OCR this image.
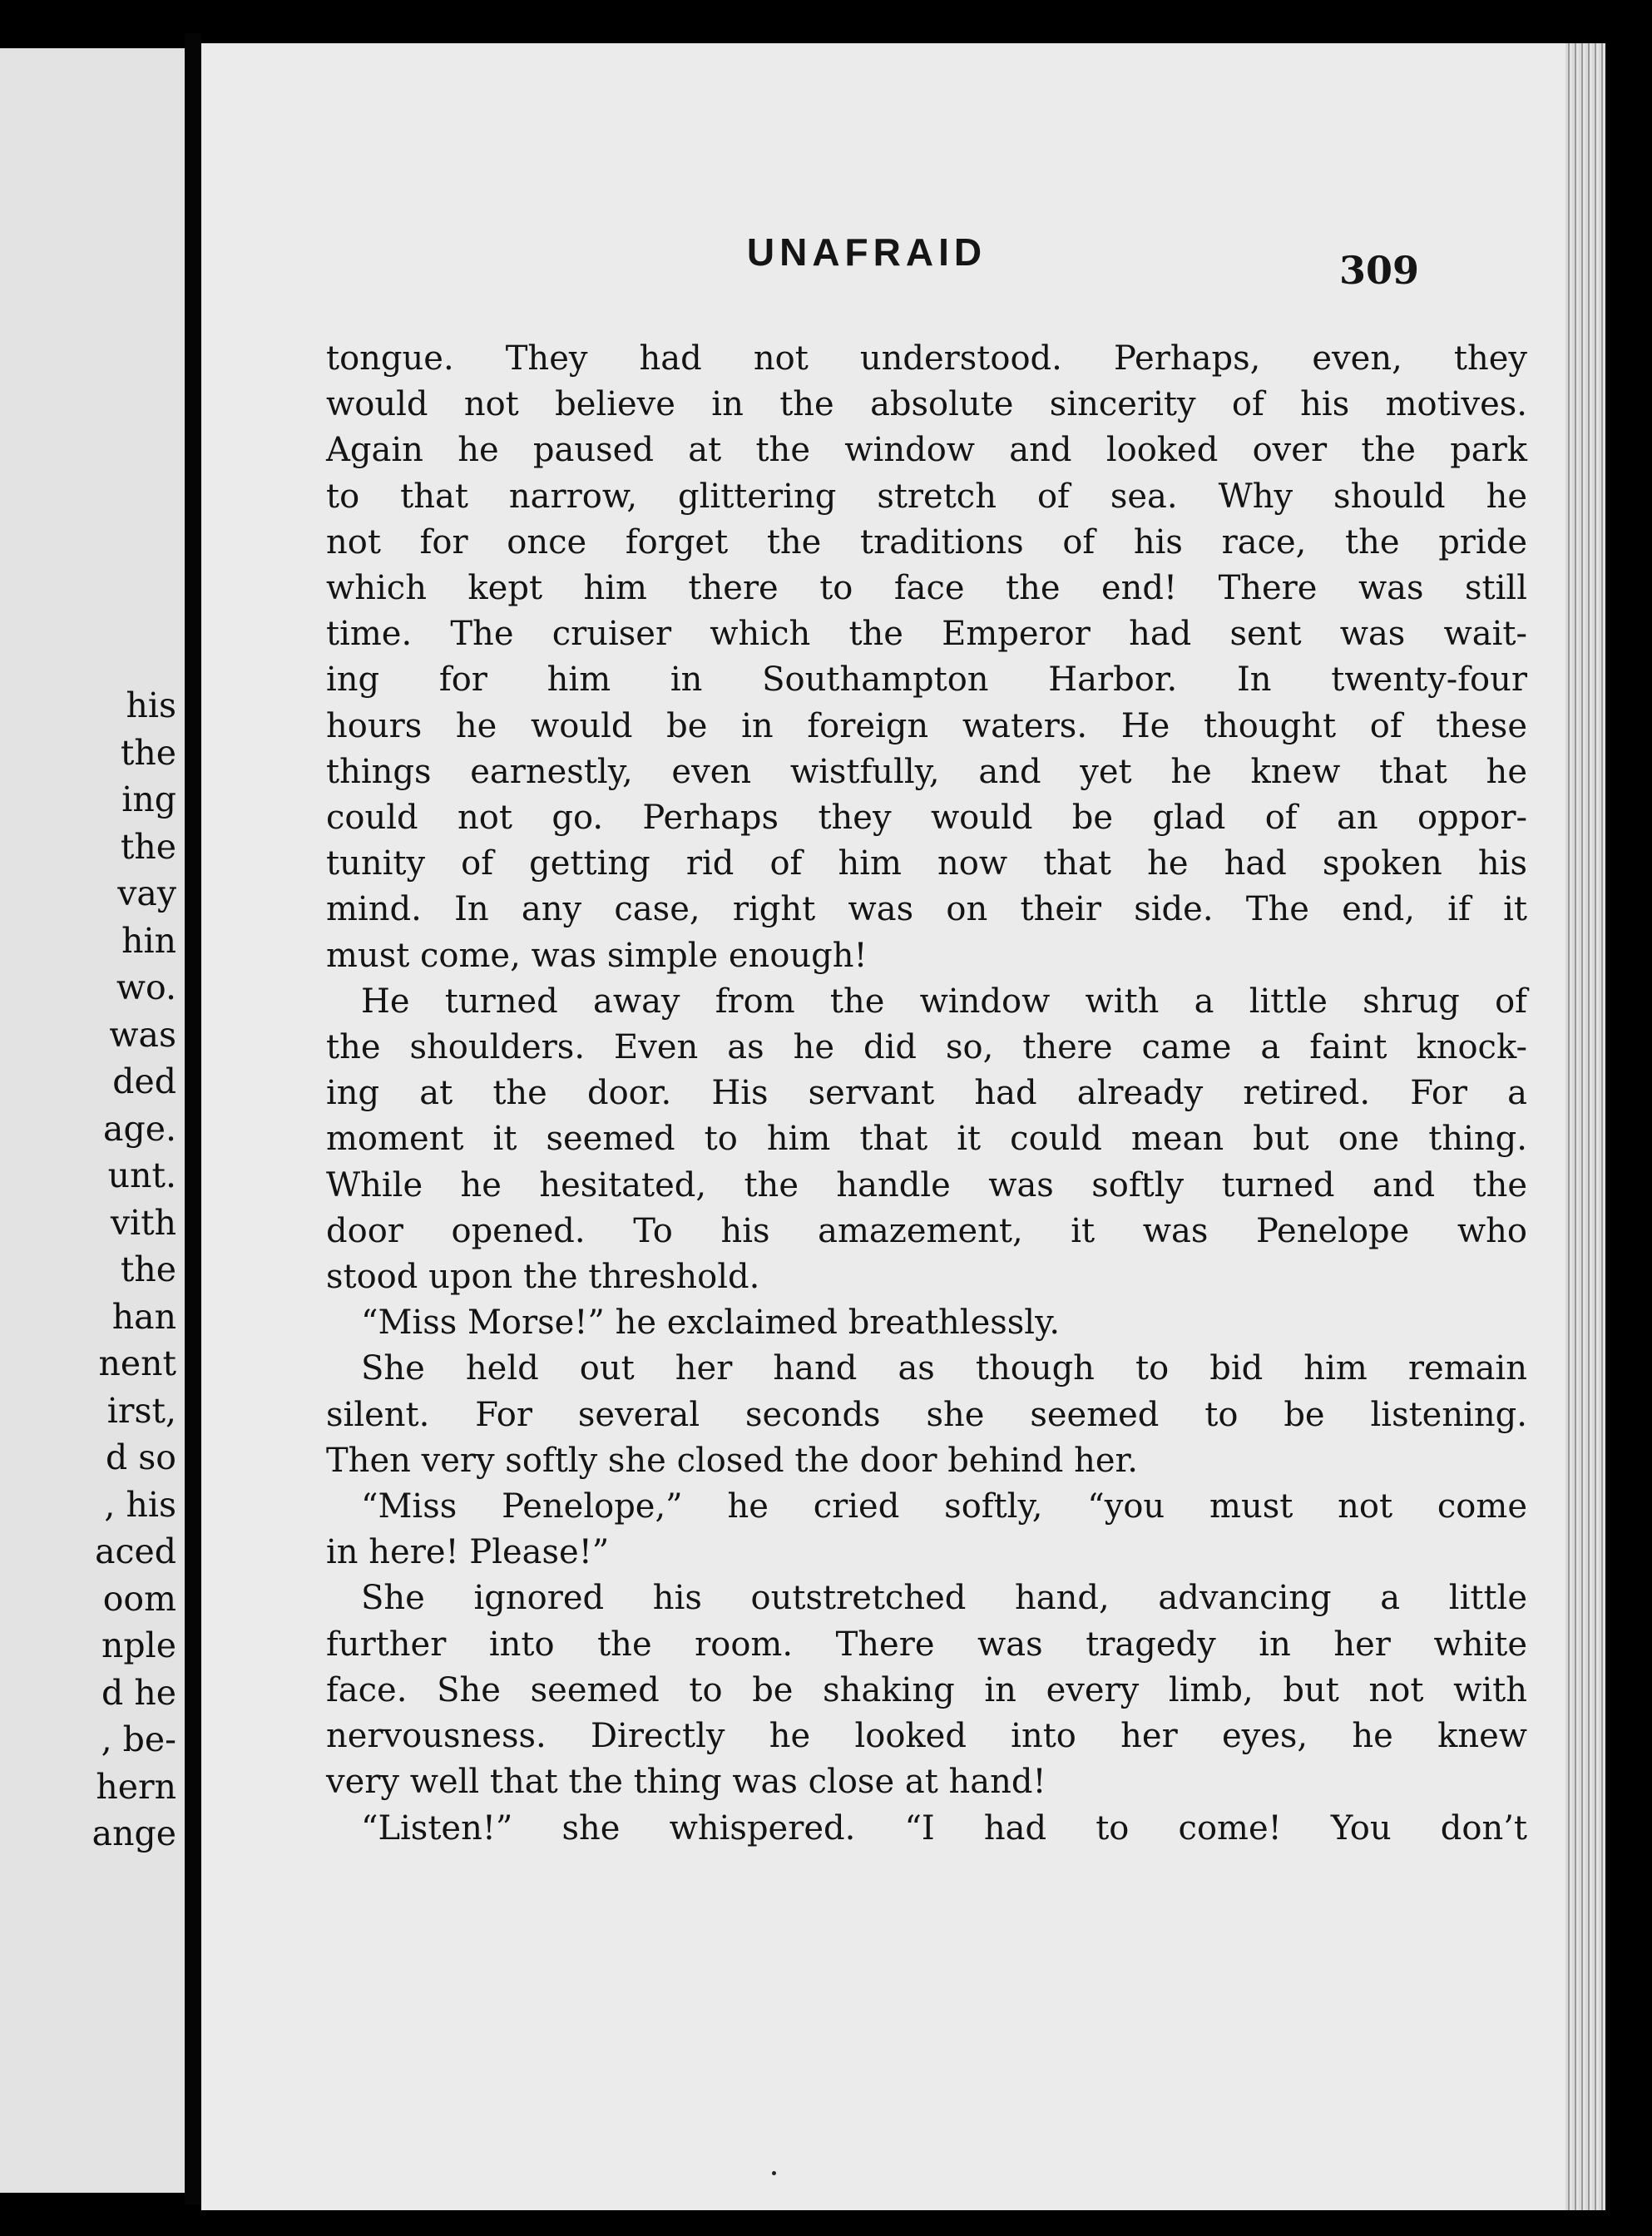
his
the
ing
the
vay
hin
wo.
was
ded
age.
unt.
vith
the
han
nent
irst,
d so
, his
aced
oom
nple
d he
, be-
hern
ange
UNAFRAID	309

tongue. They had not understood. Perhaps, even, they
would not believe in the absolute sincerity of his motives.
Again he paused at the window and looked over the park
to that narrow, glittering stretch of sea. Why should he
not for once forget the traditions of his race, the pride
which kept him there to face the end! There was still
time. The cruiser which the Emperor had sent was wait-
ing for him in Southampton Harbor. In twenty-four
hours he would be in foreign waters. He thought of these
things earnestly, even wistfully, and yet he knew that he
could not go. Perhaps they would be glad of an oppor-
tunity of getting rid of him now that he had spoken his
mind. In any case, right was on their side. The end, if it
must come, was simple enough!

He turned away from the window with a little shrug of
the shoulders. Even as he did so, there came a faint knock-
ing at the door. His servant had already retired. For a
moment it seemed to him that it could mean but one thing.
While he hesitated, the handle was softly turned and the
door opened. To his amazement, it was Penelope who
stood upon the threshold.

“Miss Morse!” he exclaimed breathlessly.

She held out her hand as though to bid him remain
silent. For several seconds she seemed to be listening.
Then very softly she closed the door behind her.

“Miss Penelope,” he cried softly, “you must not come
in here! Please!”

She ignored his outstretched hand, advancing a little
further into the room. There was tragedy in her white
face. She seemed to be shaking in every limb, but not with
nervousness. Directly he looked into her eyes, he knew
very well that the thing was close at hand!

“Listen!” she whispered. “I had to come! You don’t
